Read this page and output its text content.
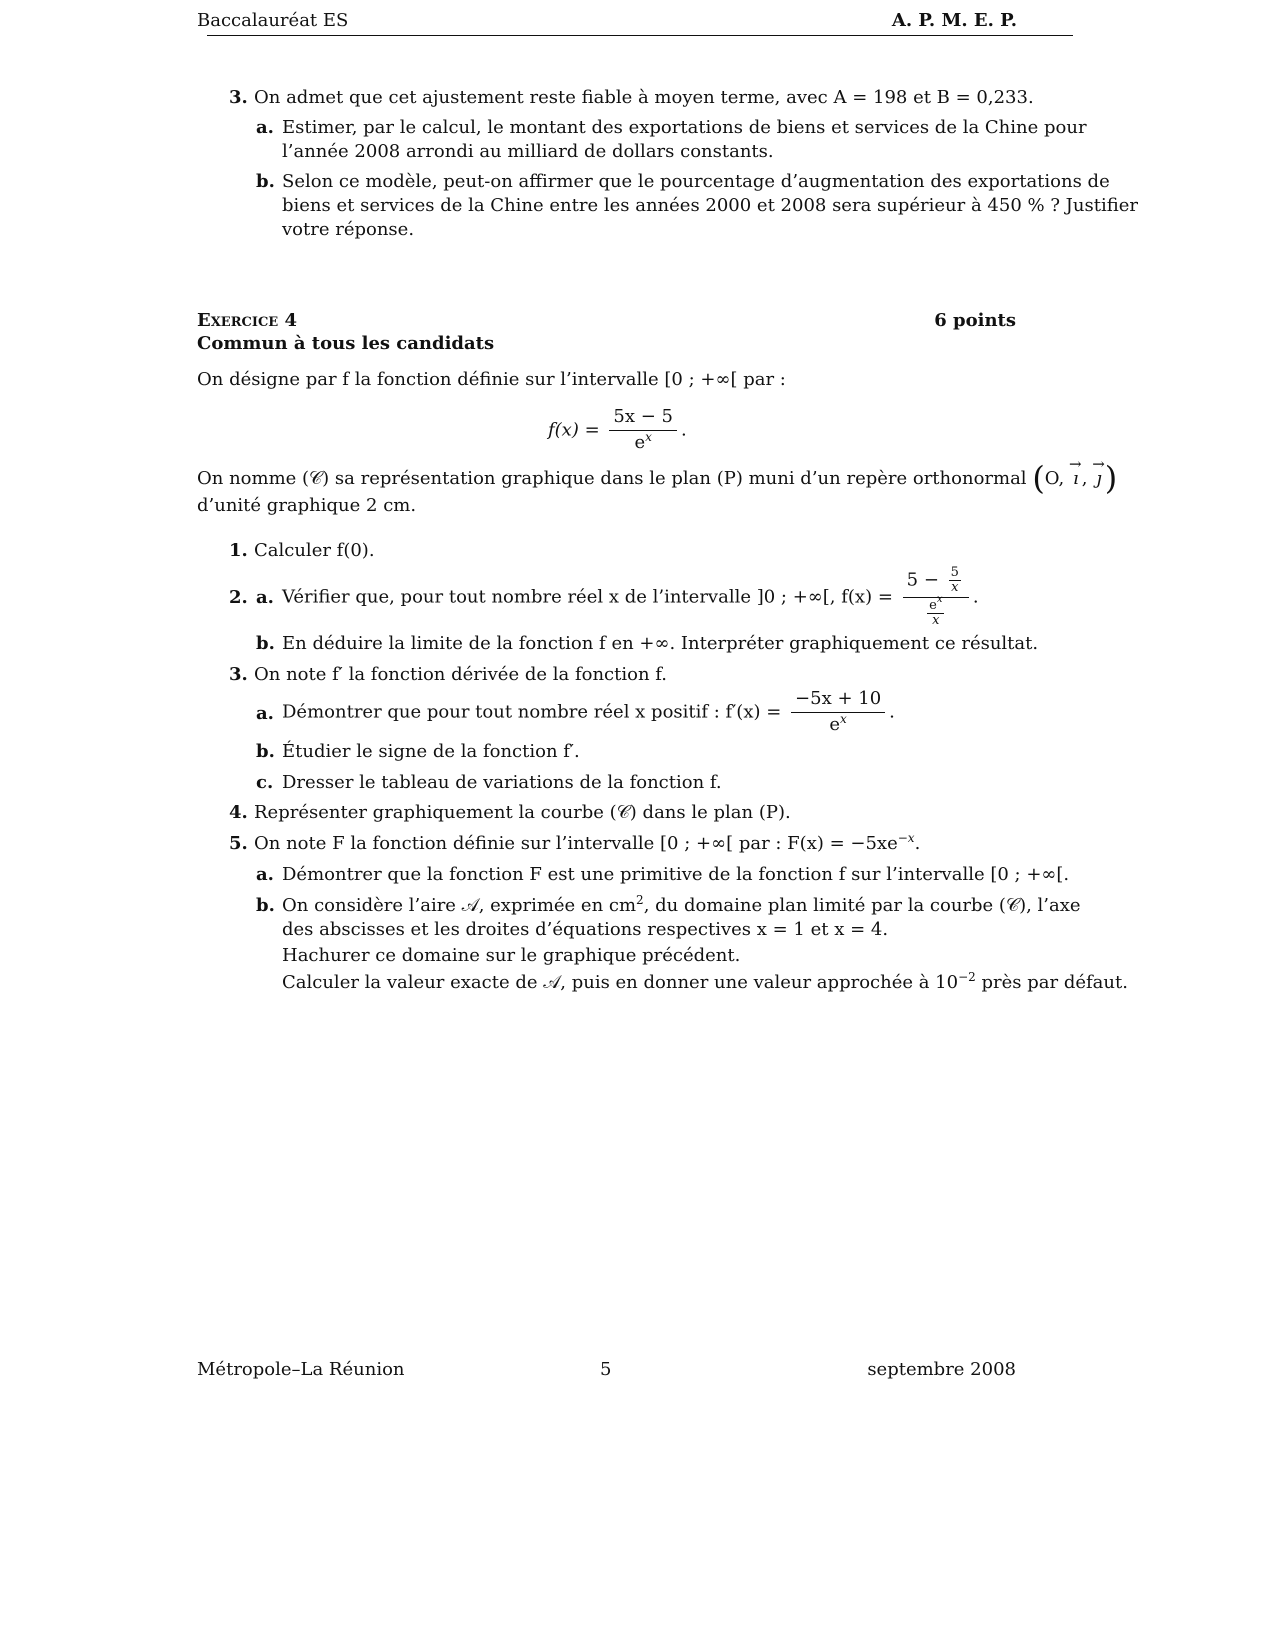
Baccalauréat ES	A. P. M. E. P.
3. On admet que cet ajustement reste fiable à moyen terme, avec A = 198 et B = 0,233.
a. Estimer, par le calcul, le montant des exportations de biens et services de la Chine pour
l’année 2008 arrondi au milliard de dollars constants.
b. Selon ce modèle, peut-on affirmer que le pourcentage d’augmentation des exportations de
biens et services de la Chine entre les années 2000 et 2008 sera supérieur à 450 % ? Justifier
votre réponse.
Exercice 4	6 points
Commun à tous les candidats
On désigne par f la fonction définie sur l’intervalle [0 ; +∞[ par :
$f(x) = \frac{5x - 5}{e^x}$ .
On nomme (𝒞) sa représentation graphique dans le plan (P) muni d’un repère orthonormal (O, → ı , → ȷ)
d’unité graphique 2 cm.
1. Calculer f(0).
2. a. Vérifier que, pour tout nombre réel x de l’intervalle ]0 ; +∞[, $f(x) = \frac{5 - \frac{5}{x}}{\frac{e^x}{x}}$ .
b. En déduire la limite de la fonction f en +∞. Interpréter graphiquement ce résultat.
3. On note f′ la fonction dérivée de la fonction f.
a. Démontrer que pour tout nombre réel x positif : $f'(x) = \frac{-5x + 10}{e^x}$ .
b. Étudier le signe de la fonction f′.
c. Dresser le tableau de variations de la fonction f.
4. Représenter graphiquement la courbe (𝒞) dans le plan (P).
5. On note F la fonction définie sur l’intervalle [0 ; +∞[ par : $F(x) = -5xe^{-x}$.
a. Démontrer que la fonction F est une primitive de la fonction f sur l’intervalle [0 ; +∞[.
b. On considère l’aire 𝒜, exprimée en $cm^2$, du domaine plan limité par la courbe (𝒞), l’axe
des abscisses et les droites d’équations respectives x = 1 et x = 4.
Hachurer ce domaine sur le graphique précédent.
Calculer la valeur exacte de 𝒜, puis en donner une valeur approchée à $10^{-2}$ près par défaut.
Métropole–La Réunion	5	septembre 2008
